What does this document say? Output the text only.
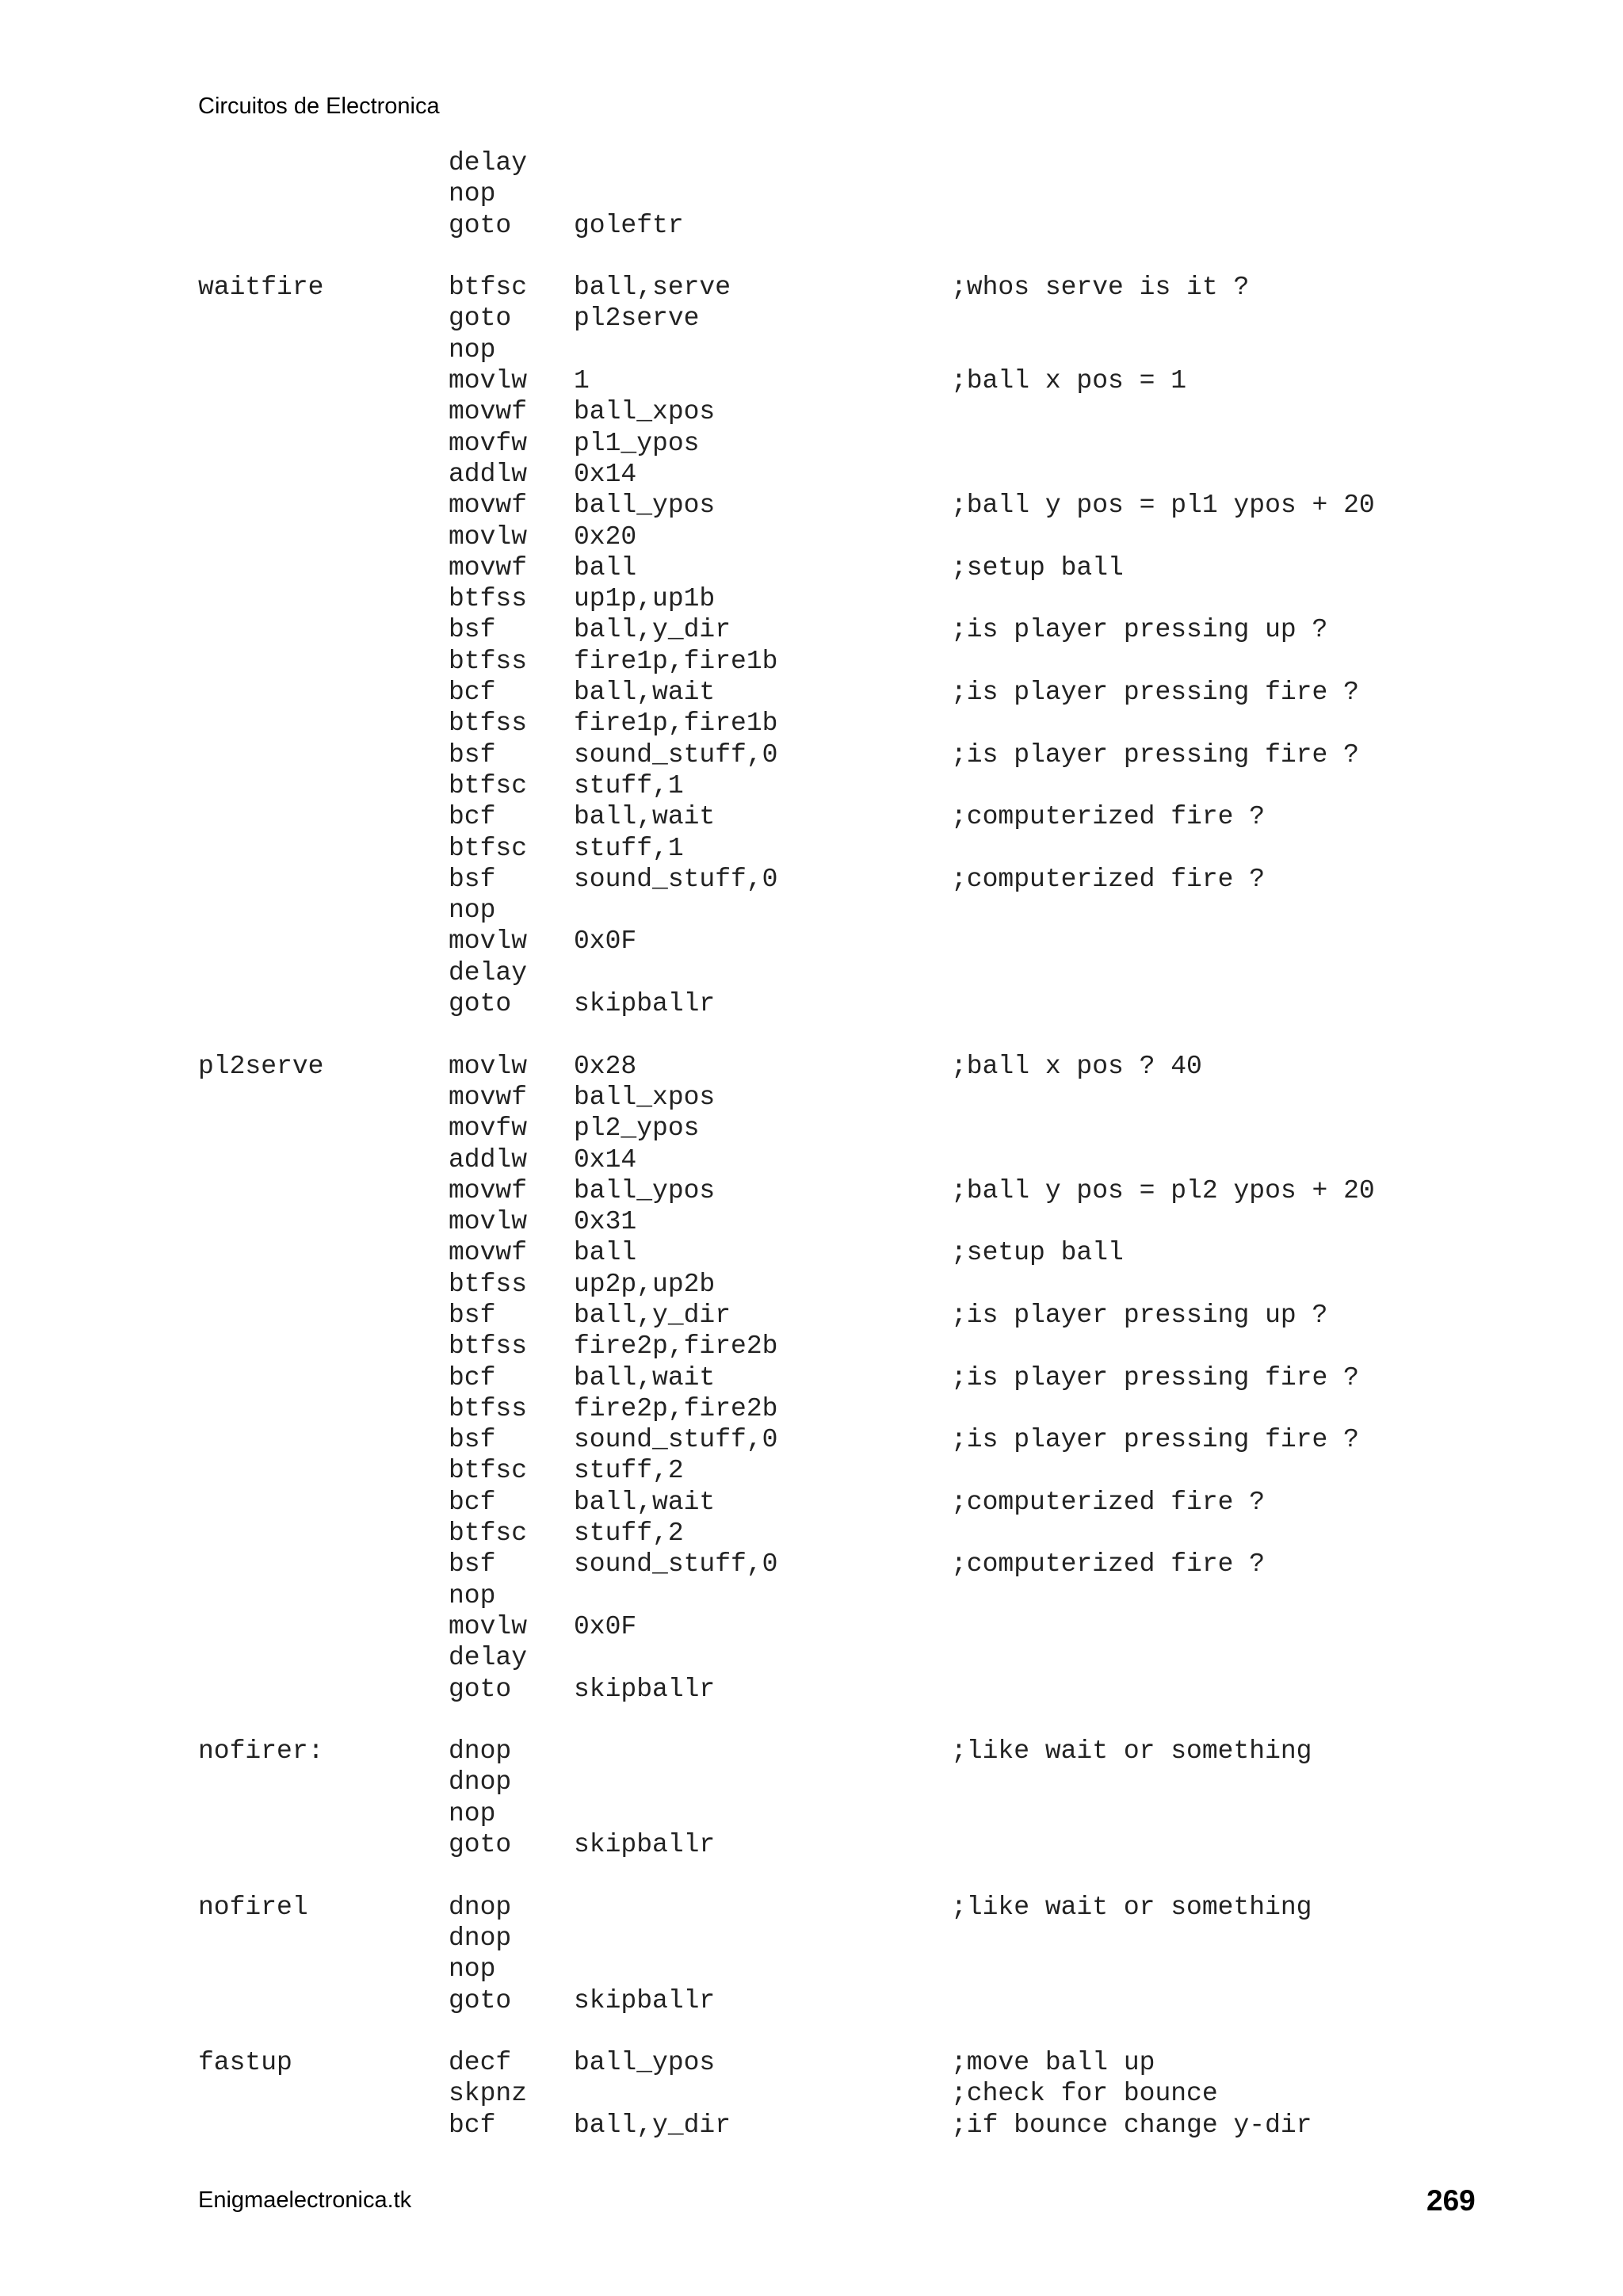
Circuitos de Electronica
delay
nop
goto goleftr
waitfire	btfsc ball,serve	;whos serve is it ?
goto pl2serve
nop
movlw 1	;ball x pos = 1
movwf ball_xpos
movfw pl1_ypos
addlw 0x14
movwf ball_ypos	;ball y pos = pl1 ypos + 20
movlw 0x20
movwf ball	;setup ball
btfss up1p,up1b
bsf	ball,y_dir	;is player pressing up ?
btfss fire1p,fire1b
bcf	ball,wait	;is player pressing fire ?
btfss fire1p,fire1b
bsf	sound_stuff,0	;is player pressing fire ?
btfsc stuff,1
bcf	ball,wait	;computerized fire ?
btfsc stuff,1
bsf	sound_stuff,0	;computerized fire ?
nop
movlw 0x0F
delay
goto skipballr
pl2serve	movlw 0x28	;ball x pos ? 40
movwf ball_xpos
movfw pl2_ypos
addlw 0x14
movwf ball_ypos	;ball y pos = pl2 ypos + 20
movlw 0x31
movwf ball	;setup ball
btfss up2p,up2b
bsf	ball,y_dir	;is player pressing up ?
btfss fire2p,fire2b
bcf	ball,wait	;is player pressing fire ?
btfss fire2p,fire2b
bsf	sound_stuff,0	;is player pressing fire ?
btfsc stuff,2
bcf	ball,wait	;computerized fire ?
btfsc stuff,2
bsf	sound_stuff,0	;computerized fire ?
nop
movlw 0x0F
delay
goto skipballr
nofirer:	dnop	;like wait or something
dnop
nop
goto skipballr
nofirel	dnop	;like wait or something
dnop
nop
goto skipballr
fastup	decf ball_ypos	;move ball up
skpnz	;check for bounce
bcf	ball,y_dir	;if bounce change y-dir
Enigmaelectronica.tk	269
